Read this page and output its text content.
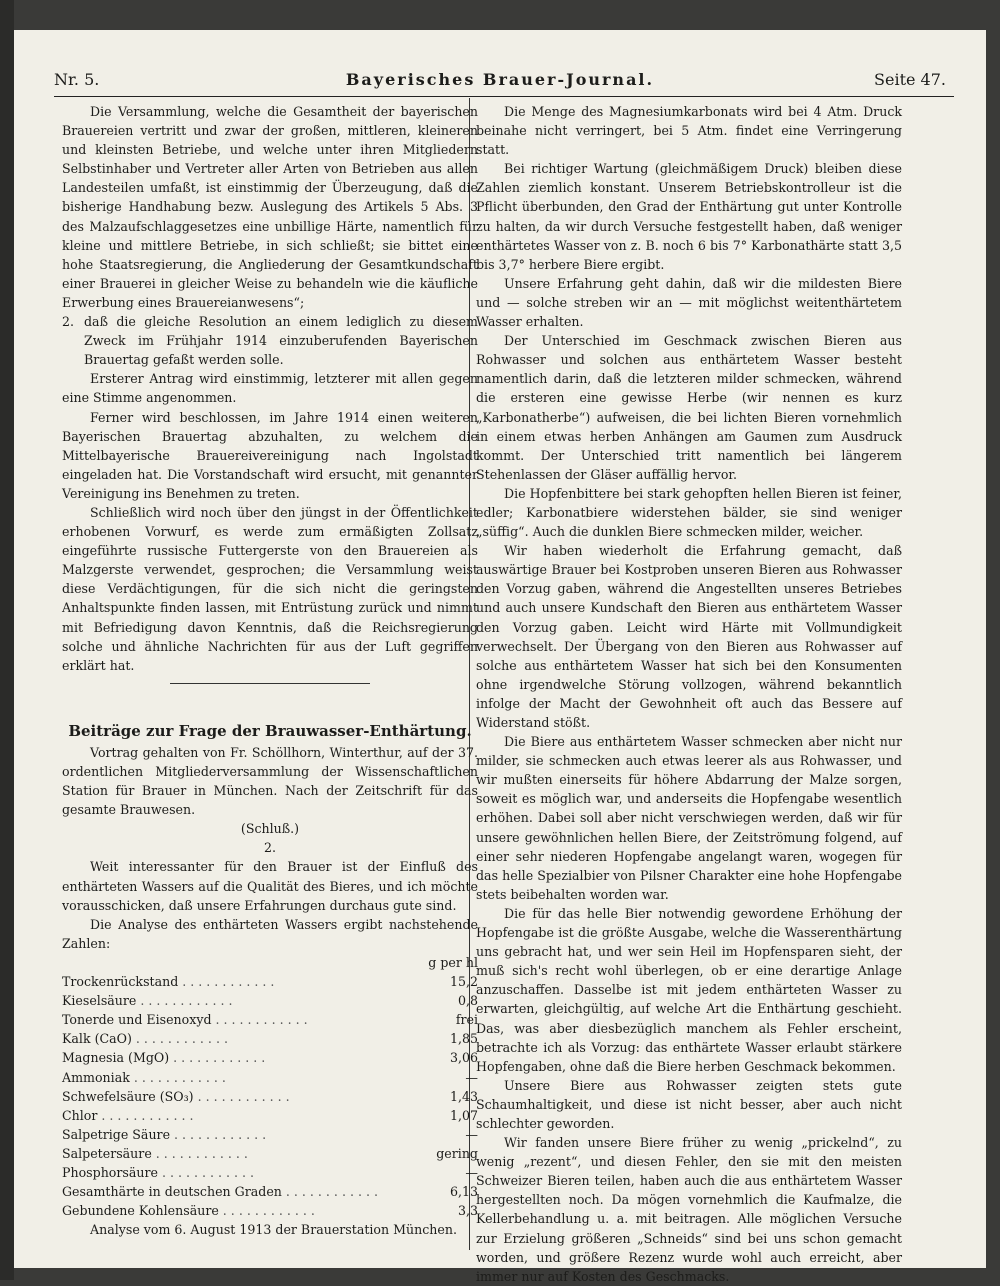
Nr. 5.	Bayerisches Brauer-Journal.	Seite 47.

Die Versammlung, welche die Gesamtheit der bayerischen Brauereien vertritt und zwar der großen, mittleren, kleineren und kleinsten Betriebe, und welche unter ihren Mitgliedern Selbstinhaber und Vertreter aller Arten von Betrieben aus allen Landesteilen umfaßt, ist einstimmig der Überzeugung, daß die bisherige Handhabung bezw. Auslegung des Artikels 5 Abs. 3 des Malzaufschlaggesetzes eine unbillige Härte, namentlich für kleine und mittlere Betriebe, in sich schließt; sie bittet eine hohe Staatsregierung, die Angliederung der Gesamtkundschaft einer Brauerei in gleicher Weise zu behandeln wie die käufliche Erwerbung eines Brauereianwesens“;

2. daß die gleiche Resolution an einem lediglich zu diesem Zweck im Frühjahr 1914 einzuberufenden Bayerischen Brauertag gefaßt werden solle.

Ersterer Antrag wird einstimmig, letzterer mit allen gegen eine Stimme angenommen.

Ferner wird beschlossen, im Jahre 1914 einen weiteren Bayerischen Brauertag abzuhalten, zu welchem die Mittelbayerische Brauereivereinigung nach Ingolstadt eingeladen hat. Die Vorstandschaft wird ersucht, mit genannter Vereinigung ins Benehmen zu treten.

Schließlich wird noch über den jüngst in der Öffentlichkeit erhobenen Vorwurf, es werde zum ermäßigten Zollsatz eingeführte russische Futtergerste von den Brauereien als Malzgerste verwendet, gesprochen; die Versammlung weist diese Verdächtigungen, für die sich nicht die geringsten Anhaltspunkte finden lassen, mit Entrüstung zurück und nimmt mit Befriedigung davon Kenntnis, daß die Reichsregierung solche und ähnliche Nachrichten für aus der Luft gegriffen erklärt hat.

Beiträge zur Frage der Brauwasser-Enthärtung.

Vortrag gehalten von Fr. Schöllhorn, Winterthur, auf der 37. ordentlichen Mitgliederversammlung der Wissenschaftlichen Station für Brauer in München. Nach der Zeitschrift für das gesamte Brauwesen.

(Schluß.)

2.

Weit interessanter für den Brauer ist der Einfluß des enthärteten Wassers auf die Qualität des Bieres, und ich möchte vorausschicken, daß unsere Erfahrungen durchaus gute sind.

Die Analyse des enthärteten Wassers ergibt nachstehende Zahlen:

	g per hl
Trockenrückstand . . .	15,2
Kieselsäure . . .	0,8
Tonerde und Eisenoxyd . . .	frei
Kalk (CaO) . . .	1,85
Magnesia (MgO) . . .	3,06
Ammoniak . . .	—
Schwefelsäure (SO₃) . . .	1,43
Chlor . . .	1,07
Salpetrige Säure . . .	—
Salpetersäure . . .	gering
Phosphorsäure . . .	—
Gesamthärte in deutschen Graden . . .	6,13
Gebundene Kohlensäure . . .	3,3

Analyse vom 6. August 1913 der Brauerstation München.

Die Menge des Magnesiumkarbonats wird bei 4 Atm. Druck beinahe nicht verringert, bei 5 Atm. findet eine Verringerung statt.

Bei richtiger Wartung (gleichmäßigem Druck) bleiben diese Zahlen ziemlich konstant. Unserem Betriebskontrolleur ist die Pflicht überbunden, den Grad der Enthärtung gut unter Kontrolle zu halten, da wir durch Versuche festgestellt haben, daß weniger enthärtetes Wasser von z. B. noch 6 bis 7° Karbonathärte statt 3,5 bis 3,7° herbere Biere ergibt.

Unsere Erfahrung geht dahin, daß wir die mildesten Biere und — solche streben wir an — mit möglichst weitenthärtetem Wasser erhalten.

Der Unterschied im Geschmack zwischen Bieren aus Rohwasser und solchen aus enthärtetem Wasser besteht namentlich darin, daß die letzteren milder schmecken, während die ersteren eine gewisse Herbe (wir nennen es kurz „Karbonatherbe“) aufweisen, die bei lichten Bieren vornehmlich in einem etwas herben Anhängen am Gaumen zum Ausdruck kommt. Der Unterschied tritt namentlich bei längerem Stehenlassen der Gläser auffällig hervor.

Die Hopfenbittere bei stark gehopften hellen Bieren ist feiner, edler; Karbonatbiere widerstehen bälder, sie sind weniger „süffig“. Auch die dunklen Biere schmecken milder, weicher.

Wir haben wiederholt die Erfahrung gemacht, daß auswärtige Brauer bei Kostproben unseren Bieren aus Rohwasser den Vorzug gaben, während die Angestellten unseres Betriebes und auch unsere Kundschaft den Bieren aus enthärtetem Wasser den Vorzug gaben. Leicht wird Härte mit Vollmundigkeit verwechselt. Der Übergang von den Bieren aus Rohwasser auf solche aus enthärtetem Wasser hat sich bei den Konsumenten ohne irgendwelche Störung vollzogen, während bekanntlich infolge der Macht der Gewohnheit oft auch das Bessere auf Widerstand stößt.

Die Biere aus enthärtetem Wasser schmecken aber nicht nur milder, sie schmecken auch etwas leerer als aus Rohwasser, und wir mußten einerseits für höhere Abdarrung der Malze sorgen, soweit es möglich war, und anderseits die Hopfengabe wesentlich erhöhen. Dabei soll aber nicht verschwiegen werden, daß wir für unsere gewöhnlichen hellen Biere, der Zeitströmung folgend, auf einer sehr niederen Hopfengabe angelangt waren, wogegen für das helle Spezialbier von Pilsner Charakter eine hohe Hopfengabe stets beibehalten worden war.

Die für das helle Bier notwendig gewordene Erhöhung der Hopfengabe ist die größte Ausgabe, welche die Wasserenthärtung uns gebracht hat, und wer sein Heil im Hopfensparen sieht, der muß sich's recht wohl überlegen, ob er eine derartige Anlage anzuschaffen. Dasselbe ist mit jedem enthärteten Wasser zu erwarten, gleichgültig, auf welche Art die Enthärtung geschieht. Das, was aber diesbezüglich manchem als Fehler erscheint, betrachte ich als Vorzug: das enthärtete Wasser erlaubt stärkere Hopfengaben, ohne daß die Biere herben Geschmack bekommen.

Unsere Biere aus Rohwasser zeigten stets gute Schaumhaltigkeit, und diese ist nicht besser, aber auch nicht schlechter geworden.

Wir fanden unsere Biere früher zu wenig „prickelnd“, zu wenig „rezent“, und diesen Fehler, den sie mit den meisten Schweizer Bieren teilen, haben auch die aus enthärtetem Wasser hergestellten noch. Da mögen vornehmlich die Kaufmalze, die Kellerbehandlung u. a. mit beitragen. Alle möglichen Versuche zur Erzielung größeren „Schneids“ sind bei uns schon gemacht worden, und größere Rezenz wurde wohl auch erreicht, aber immer nur auf Kosten des Geschmacks.
